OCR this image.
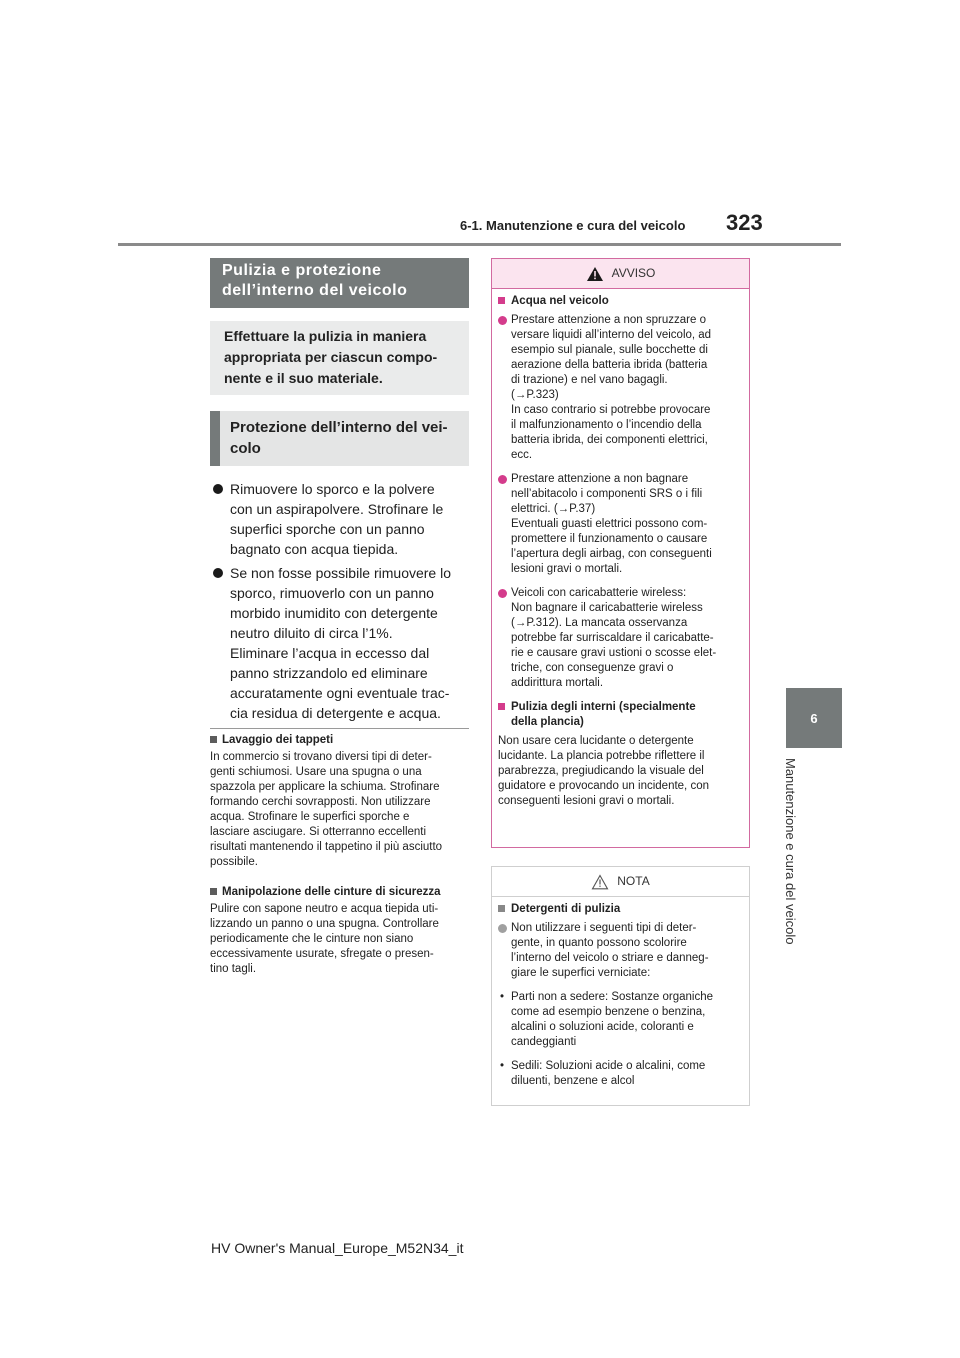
6-1. Manutenzione e cura del veicolo 323
6
Manutenzione e cura del veicolo
Pulizia e protezione
dell’interno del veicolo
Effettuare la pulizia in maniera
appropriata per ciascun compo-
nente e il suo materiale.
Protezione dell’interno del vei-
colo
Rimuovere lo sporco e la polvere
con un aspirapolvere. Strofinare le
superfici sporche con un panno
bagnato con acqua tiepida.
Se non fosse possibile rimuovere lo
sporco, rimuoverlo con un panno
morbido inumidito con detergente
neutro diluito di circa l’1%.
Eliminare l’acqua in eccesso dal
panno strizzandolo ed eliminare
accuratamente ogni eventuale trac-
cia residua di detergente e acqua.
Lavaggio dei tappeti

In commercio si trovano diversi tipi di deter-
genti schiumosi. Usare una spugna o una
spazzola per applicare la schiuma. Strofinare
formando cerchi sovrapposti. Non utilizzare
acqua. Strofinare le superfici sporche e
lasciare asciugare. Si otterranno eccellenti
risultati mantenendo il tappetino il più asciutto
possibile.

Manipolazione delle cinture di sicurezza

Pulire con sapone neutro e acqua tiepida uti-
lizzando un panno o una spugna. Controllare
periodicamente che le cinture non siano
eccessivamente usurate, sfregate o presen-
tino tagli.

AVVISO
Acqua nel veicolo
Prestare attenzione a non spruzzare o
versare liquidi all’interno del veicolo, ad
esempio sul pianale, sulle bocchette di
aerazione della batteria ibrida (batteria
di trazione) e nel vano bagagli.
(→P.323)
In caso contrario si potrebbe provocare
il malfunzionamento o l’incendio della
batteria ibrida, dei componenti elettrici,
ecc.
Prestare attenzione a non bagnare
nell’abitacolo i componenti SRS o i fili
elettrici. (→P.37)
Eventuali guasti elettrici possono com-
promettere il funzionamento o causare
l’apertura degli airbag, con conseguenti
lesioni gravi o mortali.
Veicoli con caricabatterie wireless:
Non bagnare il caricabatterie wireless
(→P.312). La mancata osservanza
potrebbe far surriscaldare il caricabatte-
rie e causare gravi ustioni o scosse elet-
triche, con conseguenze gravi o
addirittura mortali.
Pulizia degli interni (specialmente
della plancia)
Non usare cera lucidante o detergente
lucidante. La plancia potrebbe riflettere il
parabrezza, pregiudicando la visuale del
guidatore e provocando un incidente, con
conseguenti lesioni gravi o mortali.
NOTA
Detergenti di pulizia
Non utilizzare i seguenti tipi di deter-
gente, in quanto possono scolorire
l’interno del veicolo o striare e danneg-
giare le superfici verniciate:
• Parti non a sedere: Sostanze organiche
come ad esempio benzene o benzina,
alcalini o soluzioni acide, coloranti e
candeggianti
• Sedili: Soluzioni acide o alcalini, come
diluenti, benzene e alcol
HV Owner's Manual_Europe_M52N34_it
